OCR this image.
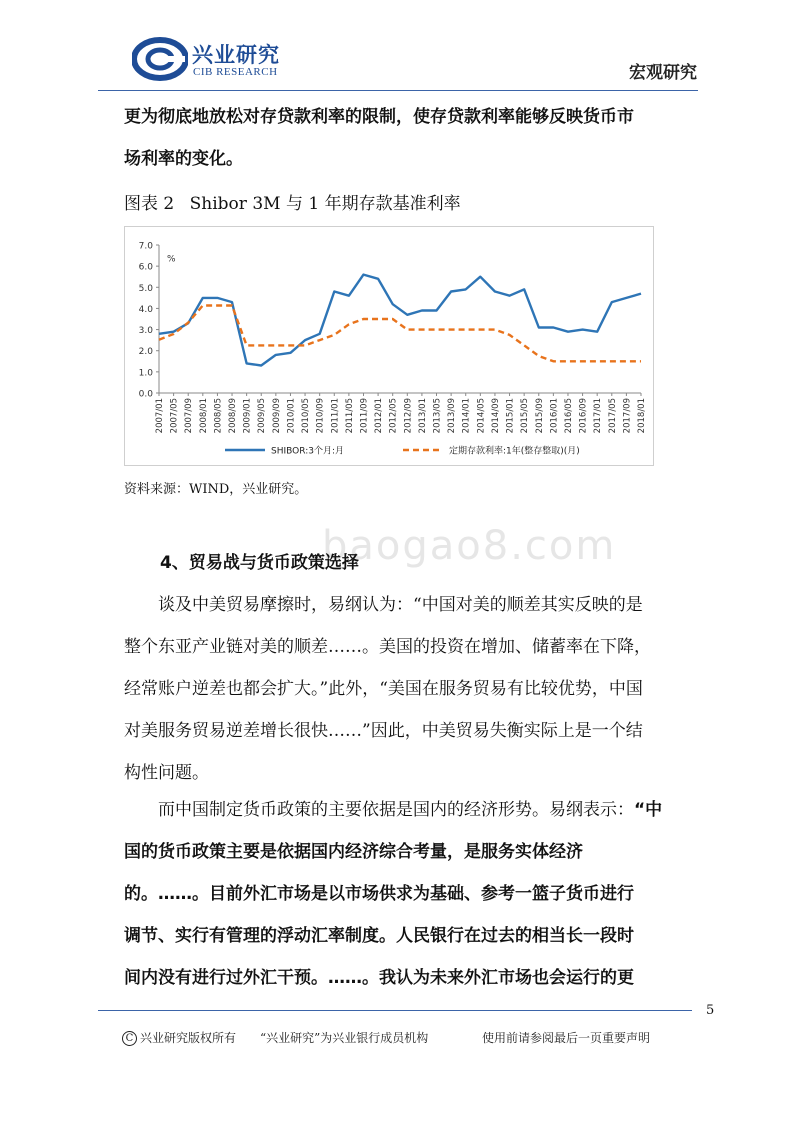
兴业研究
CIB RESEARCH	宏观研究
更为彻底地放松对存贷款利率的限制，使存贷款利率能够反映货币市
场利率的变化。
图表 2 Shibor 3M 与 1 年期存款基准利率
7.0
6.0
5.0
4.0
3.0
2.0
1.0
0.0
%
2007/01 2007/05 2007/09 2008/01 2008/05 2008/09 2009/01 2009/05 2009/09 2010/01 2010/05 2010/09 2011/01 2011/05 2011/09 2012/01 2012/05 2012/09 2013/01 2013/05 2013/09 2014/01 2014/05 2014/09 2015/01 2015/05 2015/09 2016/01 2016/05 2016/09 2017/01 2017/05 2017/09 2018/01
SHIBOR:3个月:月	定期存款利率:1年(整存整取)(月)
资料来源：WIND，兴业研究。
baogao8.com
4、贸易战与货币政策选择
谈及中美贸易摩擦时，易纲认为：“中国对美的顺差其实反映的是
整个东亚产业链对美的顺差……。美国的投资在增加、储蓄率在下降，
经常账户逆差也都会扩大。”此外，“美国在服务贸易有比较优势，中国
对美服务贸易逆差增长很快……”因此，中美贸易失衡实际上是一个结
构性问题。
而中国制定货币政策的主要依据是国内的经济形势。易纲表示：“中
国的货币政策主要是依据国内经济综合考量，是服务实体经济
的。……。目前外汇市场是以市场供求为基础、参考一篮子货币进行
调节、实行有管理的浮动汇率制度。人民银行在过去的相当长一段时
间内没有进行过外汇干预。……。我认为未来外汇市场也会运行的更
5
C 兴业研究版权所有 “兴业研究”为兴业银行成员机构	使用前请参阅最后一页重要声明
